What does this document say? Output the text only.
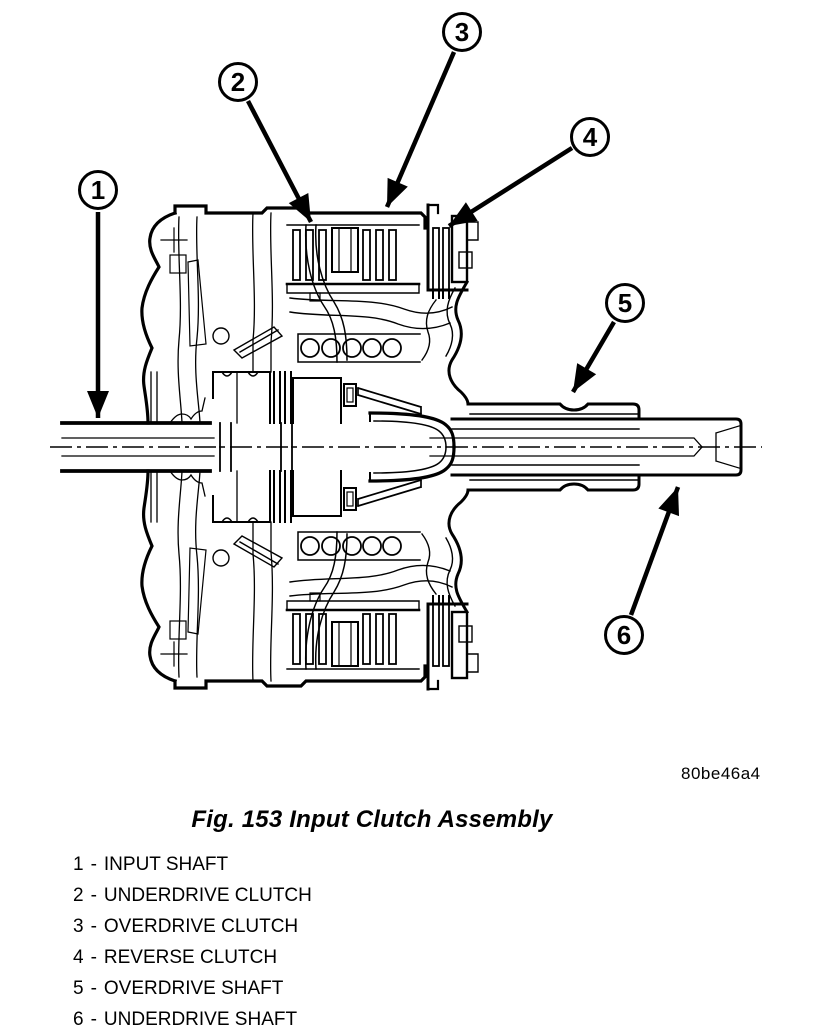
1
2
3
4
5
6
80be46a4
Fig. 153 Input Clutch Assembly
1 - INPUT SHAFT
2 - UNDERDRIVE CLUTCH
3 - OVERDRIVE CLUTCH
4 - REVERSE CLUTCH
5 - OVERDRIVE SHAFT
6 - UNDERDRIVE SHAFT
